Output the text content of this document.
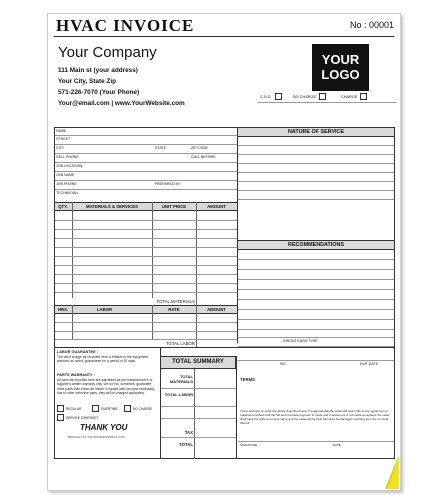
HVAC INVOICE	No : 00001
Your Company
111 Main st (your address)
Your City, State Zip
571-226-7070 (Your Phone)
Your@email.com | www.YourWebsite.com
YOUR
LOGO
C.O.D.	NO CHARGE	CHARGE
NAME
STREET
CITY	STATE	ZIP CODE
CELL PHONE	CALL BEFORE
JOB LOCATION
JOB NAME
JOB PHONE	PREPARED BY
TECHNICIAN
NATURE OF SERVICE
QTY.	MATERIALS & SERVICES	UNIT PRICE	AMOUNT
TOTAL MATERIALS
RECOMMENDATIONS
HRS.	LABOR	RATE	AMOUNT
TOTAL LABOR	CREDIT CARD TYPE
NO.	EXP. DATE
LABOR GUARANTEE :
The labor charge as recorded here is relative to the equipment serviced as noted, guaranteed for a period of 30 days.
PARTS WARRANTY :
All parts as recorded here are warranted as per manufacturer's or supplier's written warranty only. We do not, ourselves, guarantee other parts than those we install. If repairs later become necessary due to other defective parts, they will be charged separately.
REGULAR	OVERTIME	NO CHARGE
SERVICE CONTRACT
THANK YOU
BROUGHT TO YOU BY DESIGNSNCO.COM
TOTAL SUMMARY
TOTAL MATERIALS
TOTAL LABOR
TAX
TOTAL
TERMS
I have authority to order the above described work. It is agreed that the seller will retain title to any equipment or material furnished until the full and complete payment is made and if settlement is not made as agreed, the seller shall have the right to remove same and the seller will be held harmless for damages resulting from the removal thereof.
SIGNATURE	DATE
